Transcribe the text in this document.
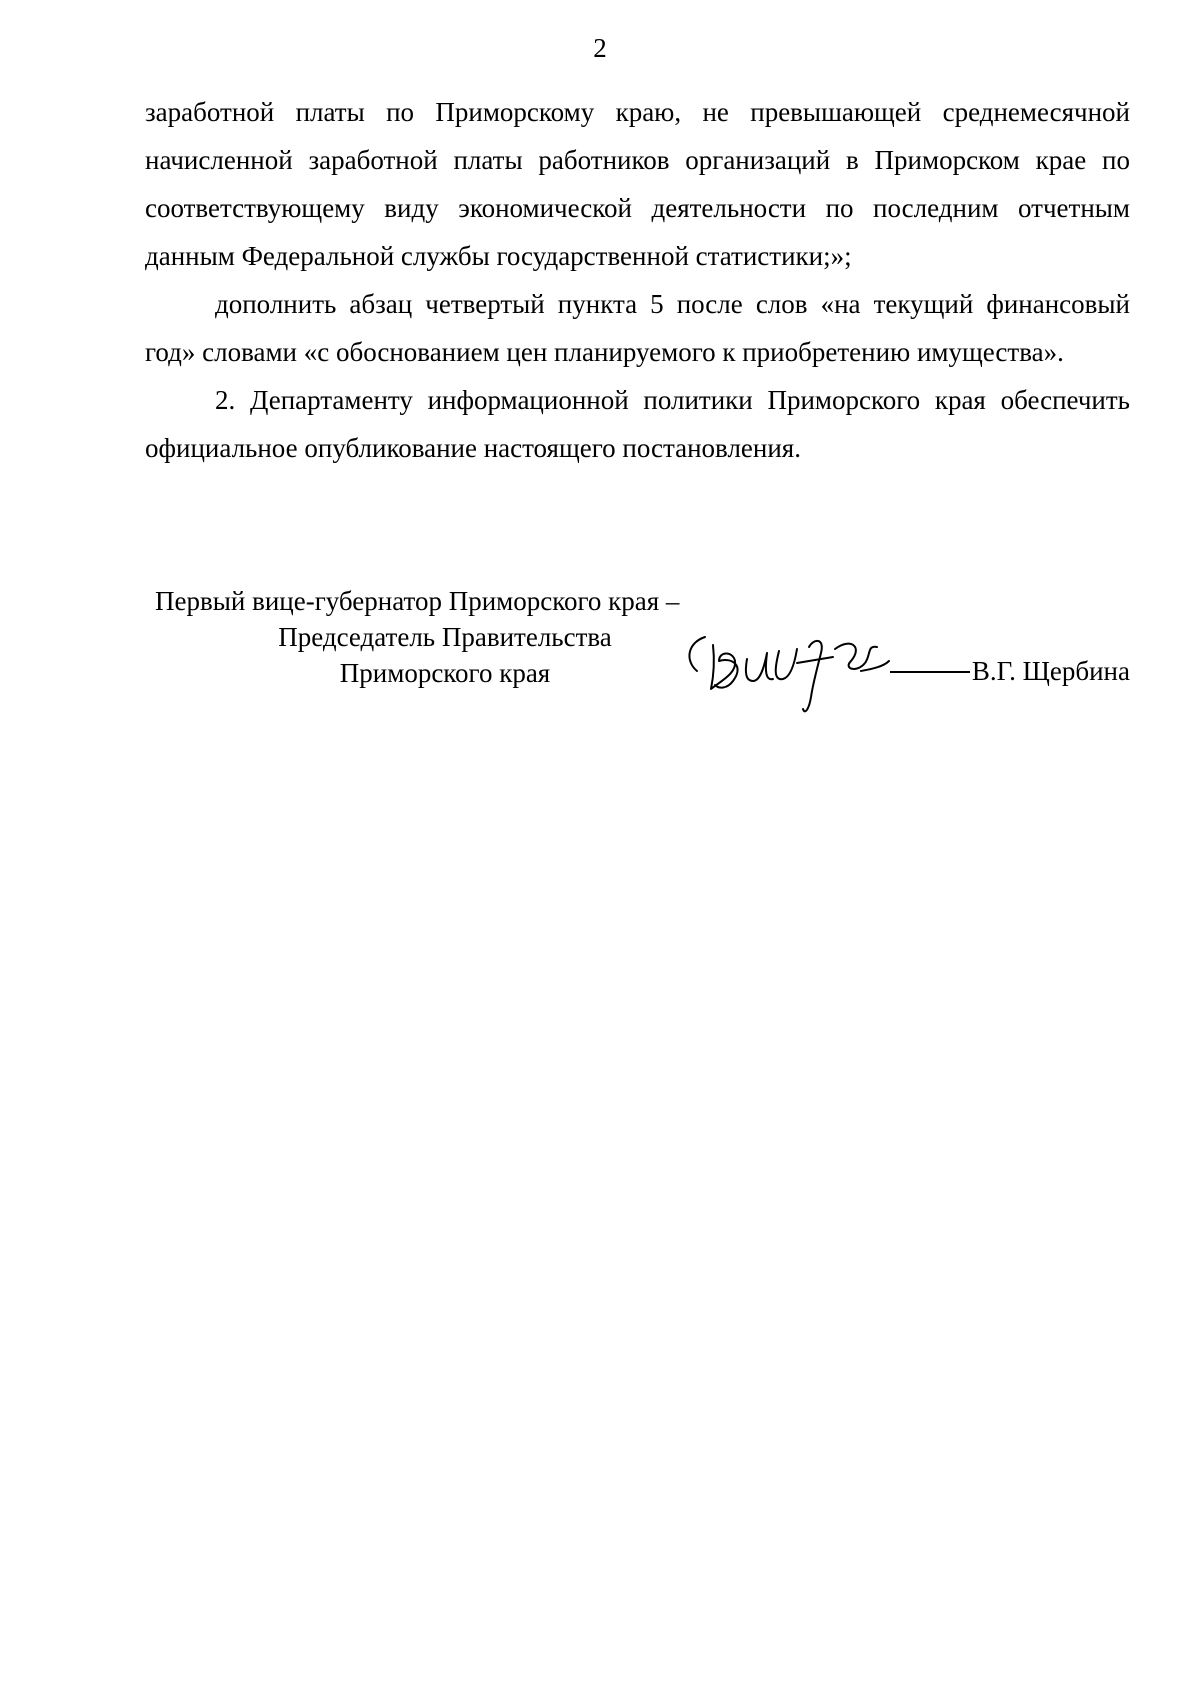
2

заработной платы по Приморскому краю, не превышающей среднемесячной начисленной заработной платы работников организаций в Приморском крае по соответствующему виду экономической деятельности по последним отчетным данным Федеральной службы государственной статистики;»;

дополнить абзац четвертый пункта 5 после слов «на текущий финансовый год» словами «с обоснованием цен планируемого к приобретению имущества».

2. Департаменту информационной политики Приморского края обеспечить официальное опубликование настоящего постановления.

Первый вице-губернатор Приморского края –
Председатель Правительства
Приморского края	В.Г. Щербина
